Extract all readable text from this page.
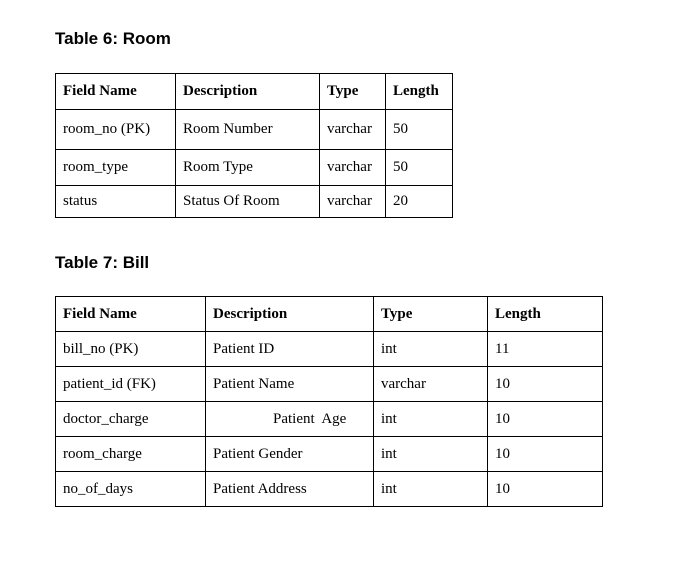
Table 6: Room
Field Name	Description	Type	Length
room_no (PK)	Room Number	varchar	50
room_type	Room Type	varchar	50
status	Status Of Room	varchar	20
Table 7: Bill
Field Name	Description	Type	Length
bill_no (PK)	Patient ID	int	11
patient_id (FK)	Patient Name	varchar	10
doctor_charge	Patient  Age	int	10
room_charge	Patient Gender	int	10
no_of_days	Patient Address	int	10
